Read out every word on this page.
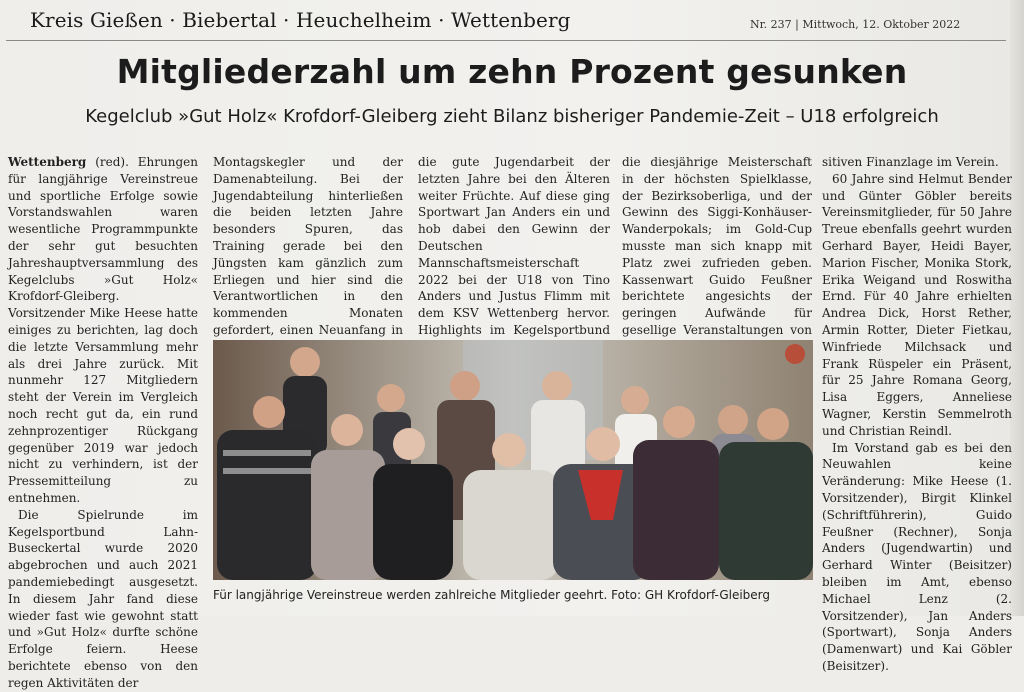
Kreis Gießen · Biebertal · Heuchelheim · Wettenberg	Nr. 237 | Mittwoch, 12. Oktober 2022
Mitgliederzahl um zehn Prozent gesunken
Kegelclub »Gut Holz« Krofdorf-Gleiberg zieht Bilanz bisheriger Pandemie-Zeit – U18 erfolgreich

Wettenberg (red). Ehrungen für langjährige Vereinstreue und sportliche Erfolge sowie Vorstandswahlen waren wesentliche Programmpunkte der sehr gut besuchten Jahreshauptversammlung des Kegelclubs »Gut Holz« Krofdorf-Gleiberg. Vorsitzender Mike Heese hatte einiges zu berichten, lag doch die letzte Versammlung mehr als drei Jahre zurück. Mit nunmehr 127 Mitgliedern steht der Verein im Vergleich noch recht gut da, ein rund zehnprozentiger Rückgang gegenüber 2019 war jedoch nicht zu verhindern, ist der Pressemitteilung zu entnehmen.

Die Spielrunde im Kegelsportbund Lahn-Buseckertal wurde 2020 abgebrochen und auch 2021 pandemiebedingt ausgesetzt. In diesem Jahr fand diese wieder fast wie gewohnt statt und »Gut Holz« durfte schöne Erfolge feiern. Heese berichtete ebenso von den regen Aktivitäten der

Montagskegler und der Damenabteilung. Bei der Jugendabteilung hinterließen die beiden letzten Jahre besonders Spuren, das Training gerade bei den Jüngsten kam gänzlich zum Erliegen und hier sind die Verantwortlichen in den kommenden Monaten gefordert, einen Neuanfang in

die gute Jugendarbeit der letzten Jahre bei den Älteren weiter Früchte. Auf diese ging Sportwart Jan Anders ein und hob dabei den Gewinn der Deutschen Mannschaftsmeisterschaft 2022 bei der U18 von Tino Anders und Justus Flimm mit dem KSV Wettenberg hervor. Highlights im Kegelsportbund

die diesjährige Meisterschaft in der höchsten Spielklasse, der Bezirksoberliga, und der Gewinn des Siggi-Konhäuser-Wanderpokals; im Gold-Cup musste man sich knapp mit Platz zwei zufrieden geben. Kassenwart Guido Feußner berichtete angesichts der geringen Aufwände für gesellige Veranstaltungen von

sitiven Finanzlage im Verein.

60 Jahre sind Helmut Bender und Günter Göbler bereits Vereinsmitglieder, für 50 Jahre Treue ebenfalls geehrt wurden Gerhard Bayer, Heidi Bayer, Marion Fischer, Monika Stork, Erika Weigand und Roswitha Ernd. Für 40 Jahre erhielten Andrea Dick, Horst Rether, Armin Rotter, Dieter Fietkau, Winfriede Milchsack und Frank Rüspeler ein Präsent, für 25 Jahre Romana Georg, Lisa Eggers, Anneliese Wagner, Kerstin Semmelroth und Christian Reindl.

Im Vorstand gab es bei den Neuwahlen keine Veränderung: Mike Heese (1. Vorsitzender), Birgit Klinkel (Schriftführerin), Guido Feußner (Rechner), Sonja Anders (Jugendwartin) und Gerhard Winter (Beisitzer) bleiben im Amt, ebenso Michael Lenz (2. Vorsitzender), Jan Anders (Sportwart), Sonja Anders (Damenwart) und Kai Göbler (Beisitzer).

Für langjährige Vereinstreue werden zahlreiche Mitglieder geehrt. Foto: GH Krofdorf-Gleiberg
